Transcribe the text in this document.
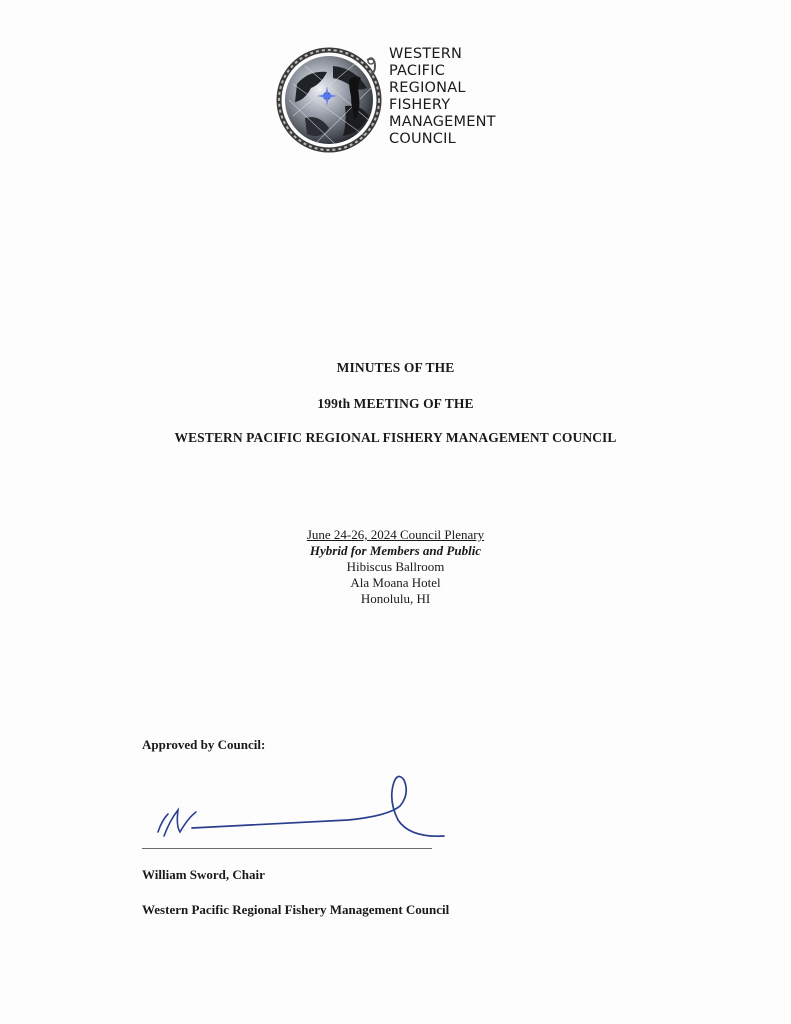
WESTERN
PACIFIC
REGIONAL
FISHERY
MANAGEMENT
COUNCIL
MINUTES OF THE
199th MEETING OF THE
WESTERN PACIFIC REGIONAL FISHERY MANAGEMENT COUNCIL
June 24-26, 2024 Council Plenary
Hybrid for Members and Public
Hibiscus Ballroom
Ala Moana Hotel
Honolulu, HI
Approved by Council:
William Sword, Chair
Western Pacific Regional Fishery Management Council
